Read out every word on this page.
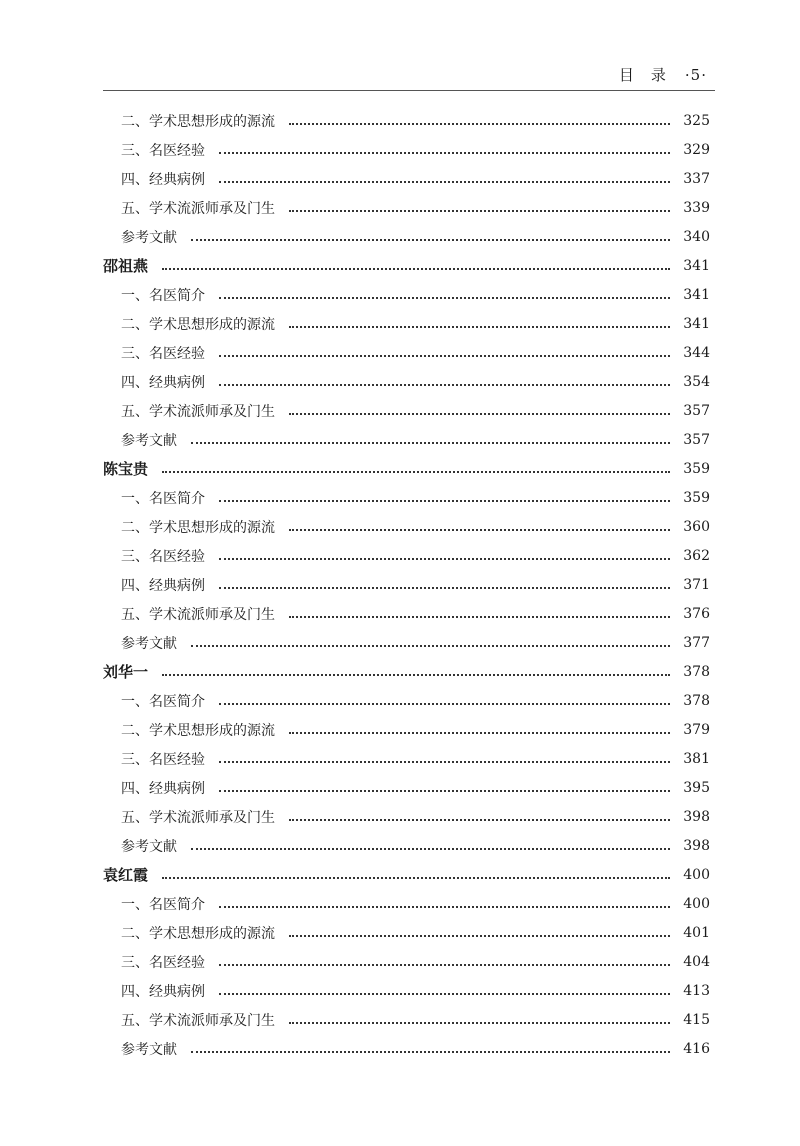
目　录 ·5·
二、学术思想形成的源流	325
三、名医经验	329
四、经典病例	337
五、学术流派师承及门生	339
参考文献	340
邵祖燕	341
一、名医简介	341
二、学术思想形成的源流	341
三、名医经验	344
四、经典病例	354
五、学术流派师承及门生	357
参考文献	357
陈宝贵	359
一、名医简介	359
二、学术思想形成的源流	360
三、名医经验	362
四、经典病例	371
五、学术流派师承及门生	376
参考文献	377
刘华一	378
一、名医简介	378
二、学术思想形成的源流	379
三、名医经验	381
四、经典病例	395
五、学术流派师承及门生	398
参考文献	398
袁红霞	400
一、名医简介	400
二、学术思想形成的源流	401
三、名医经验	404
四、经典病例	413
五、学术流派师承及门生	415
参考文献	416
